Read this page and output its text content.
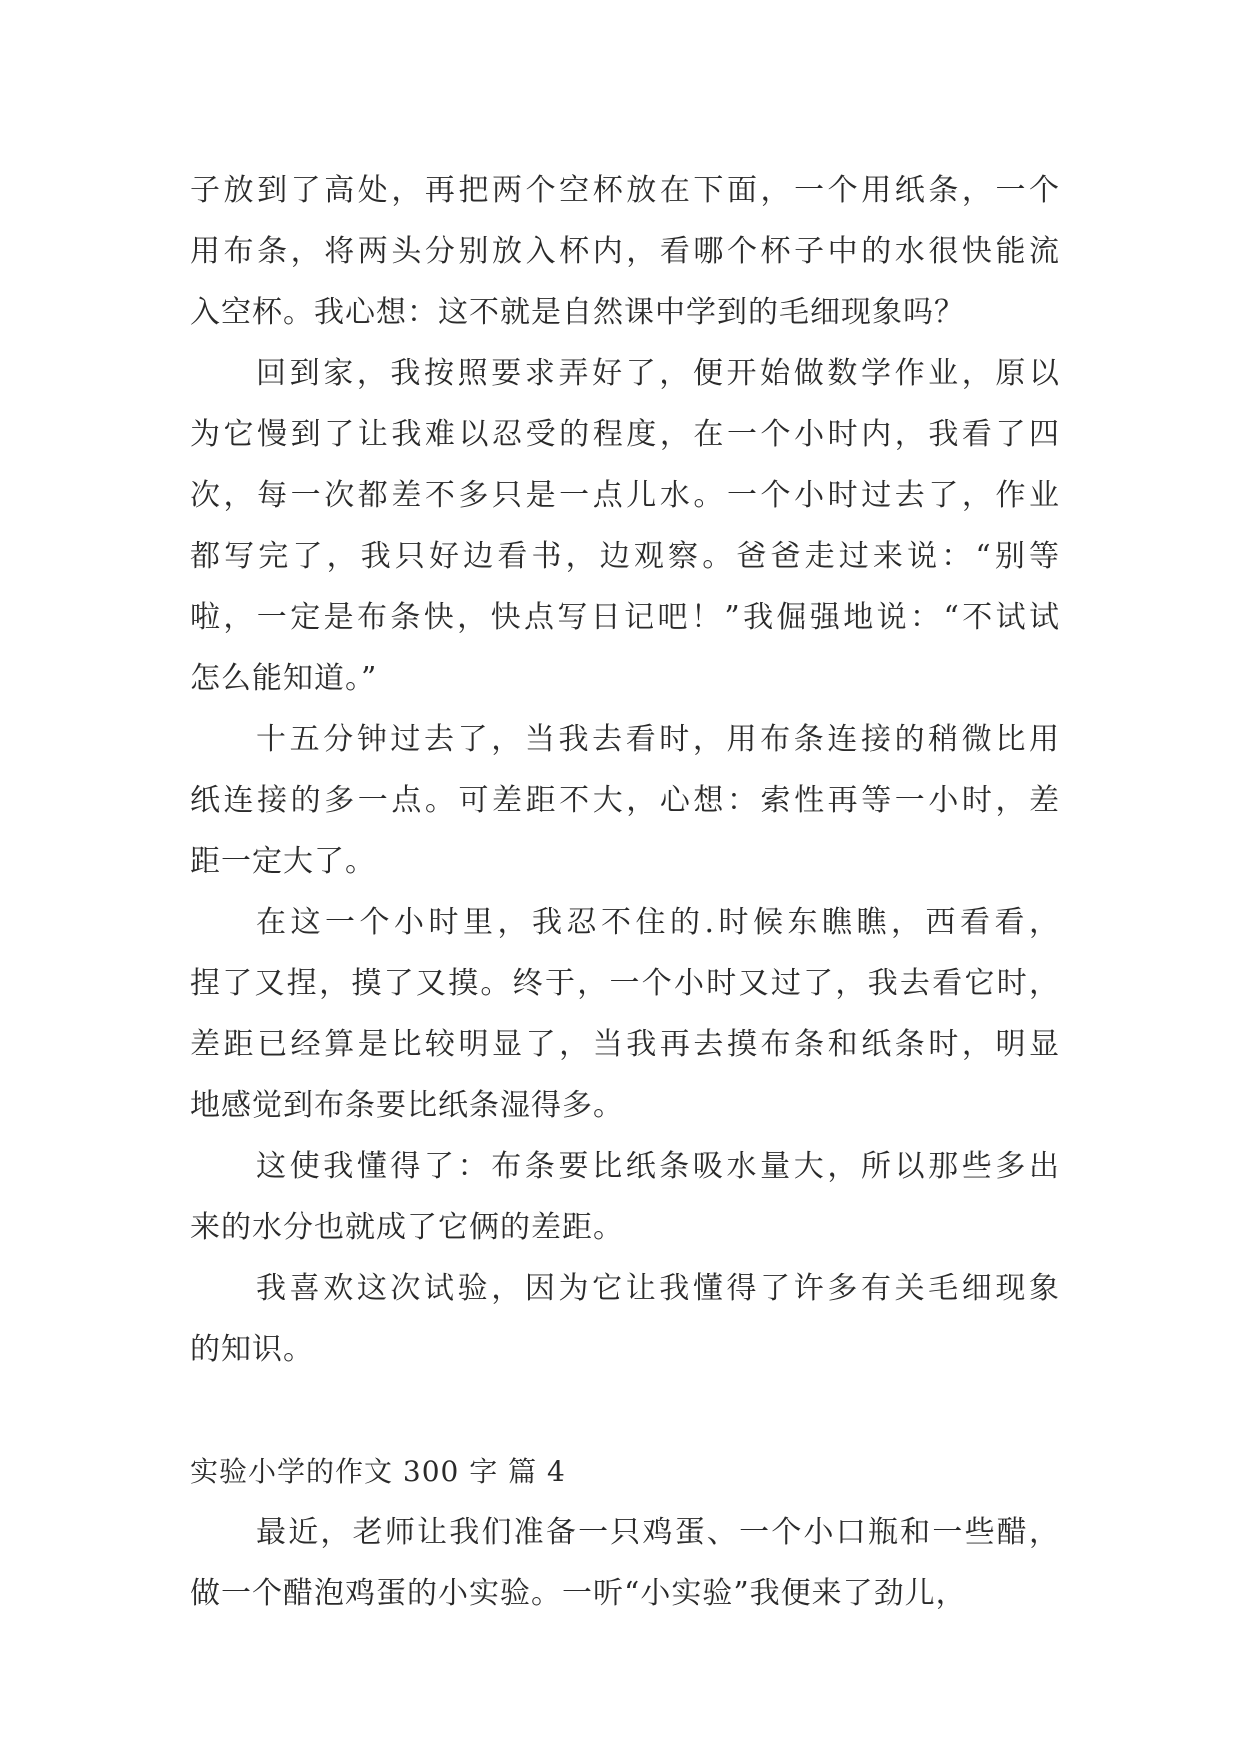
子放到了高处，再把两个空杯放在下面，一个用纸条，一个
用布条，将两头分别放入杯内，看哪个杯子中的水很快能流
入空杯。我心想：这不就是自然课中学到的毛细现象吗？
回到家，我按照要求弄好了，便开始做数学作业，原以
为它慢到了让我难以忍受的程度，在一个小时内，我看了四
次，每一次都差不多只是一点儿水。一个小时过去了，作业
都写完了，我只好边看书，边观察。爸爸走过来说：“别等
啦，一定是布条快，快点写日记吧！”我倔强地说：“不试试
怎么能知道。”
十五分钟过去了，当我去看时，用布条连接的稍微比用
纸连接的多一点。可差距不大，心想：索性再等一小时，差
距一定大了。
在这一个小时里，我忍不住的.时候东瞧瞧，西看看，
捏了又捏，摸了又摸。终于，一个小时又过了，我去看它时，
差距已经算是比较明显了，当我再去摸布条和纸条时，明显
地感觉到布条要比纸条湿得多。
这使我懂得了：布条要比纸条吸水量大，所以那些多出
来的水分也就成了它俩的差距。
我喜欢这次试验，因为它让我懂得了许多有关毛细现象
的知识。
实验小学的作文 300 字 篇 4
最近，老师让我们准备一只鸡蛋、一个小口瓶和一些醋，
做一个醋泡鸡蛋的小实验。一听“小实验”我便来了劲儿，
